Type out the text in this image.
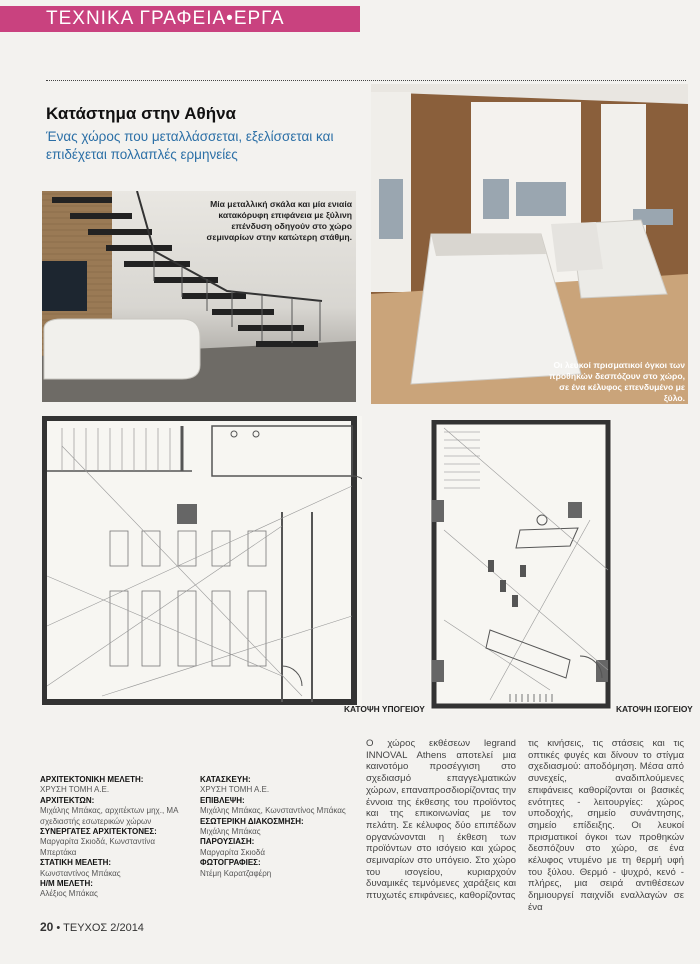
ΤΕΧΝΙΚΑ ΓΡΑΦΕΙΑ•ΕΡΓΑ
Κατάστημα στην Αθήνα
Ένας χώρος που μεταλλάσσεται, εξελίσσεται και επιδέχεται πολλαπλές ερμηνείες
Μία μεταλλική σκάλα και μία ενιαία κατακόρυφη επιφάνεια με ξύλινη επένδυση οδηγούν στο χώρο σεμιναρίων στην κατώτερη στάθμη.
Οι λευκοί πρισματικοί όγκοι των προθηκών δεσπόζουν στο χώρο, σε ένα κέλυφος επενδυμένο με ξύλο.
ΚΑΤΟΨΗ ΥΠΟΓΕΙΟΥ	ΚΑΤΟΨΗ ΙΣΟΓΕΙΟΥ
ΑΡΧΙΤΕΚΤΟΝΙΚΗ ΜΕΛΕΤΗ:
ΧΡΥΣΗ ΤΟΜΗ Α.Ε.
ΑΡΧΙΤΕΚΤΩΝ:
Μιχάλης Μπάκας, αρχιτέκτων μηχ., ΜΑ σχεδιαστής εσωτερικών χώρων
ΣΥΝΕΡΓΑΤΕΣ ΑΡΧΙΤΕΚΤΟΝΕΣ:
Μαργαρίτα Σκιοδά, Κωνσταντίνα Μπερτάκα
ΣΤΑΤΙΚΗ ΜΕΛΕΤΗ:
Κωνσταντίνος Μπάκας
Η/Μ ΜΕΛΕΤΗ:
Αλέξιος Μπάκας
ΚΑΤΑΣΚΕΥΗ:
ΧΡΥΣΗ ΤΟΜΗ Α.Ε.
ΕΠΙΒΛΕΨΗ:
Μιχάλης Μπάκας, Κωνσταντίνος Μπάκας
ΕΣΩΤΕΡΙΚΗ ΔΙΑΚΟΣΜΗΣΗ:
Μιχάλης Μπάκας
ΠΑΡΟΥΣΙΑΣΗ:
Μαργαρίτα Σκιοδά
ΦΩΤΟΓΡΑΦΙΕΣ:
Ντέμη Καρατζαφέρη
Ο χώρος εκθέσεων legrand INNOVAL Athens αποτελεί μια καινοτόμο προσέγγιση στο σχεδιασμό επαγγελματικών χώρων, επαναπροσδιορίζοντας την έννοια της έκθεσης του προϊόντος και της επικοινωνίας με τον πελάτη. Σε κέλυφος δύο επιπέδων οργανώνονται η έκθεση των προϊόντων στο ισόγειο και χώρος σεμιναρίων στο υπόγειο. Στο χώρο του ισογείου, κυριαρχούν δυναμικές τεμνόμενες χαράξεις και πτυχωτές επιφάνειες, καθορίζοντας
τις κινήσεις, τις στάσεις και τις οπτικές φυγές και δίνουν το στίγμα σχεδιασμού: αποδόμηση. Μέσα από συνεχείς, αναδιπλούμενες επιφάνειες καθορίζονται οι βασικές ενότητες - λειτουργίες: χώρος υποδοχής, σημείο συνάντησης, σημείο επίδειξης. Οι λευκοί πρισματικοί όγκοι των προθηκών δεσπόζουν στο χώρο, σε ένα κέλυφος ντυμένο με τη θερμή υφή του ξύλου. Θερμό - ψυχρό, κενό - πλήρες, μια σειρά αντιθέσεων δημιουργεί παιχνίδι εναλλαγών σε ένα
20 • ΤΕΥΧΟΣ 2/2014
